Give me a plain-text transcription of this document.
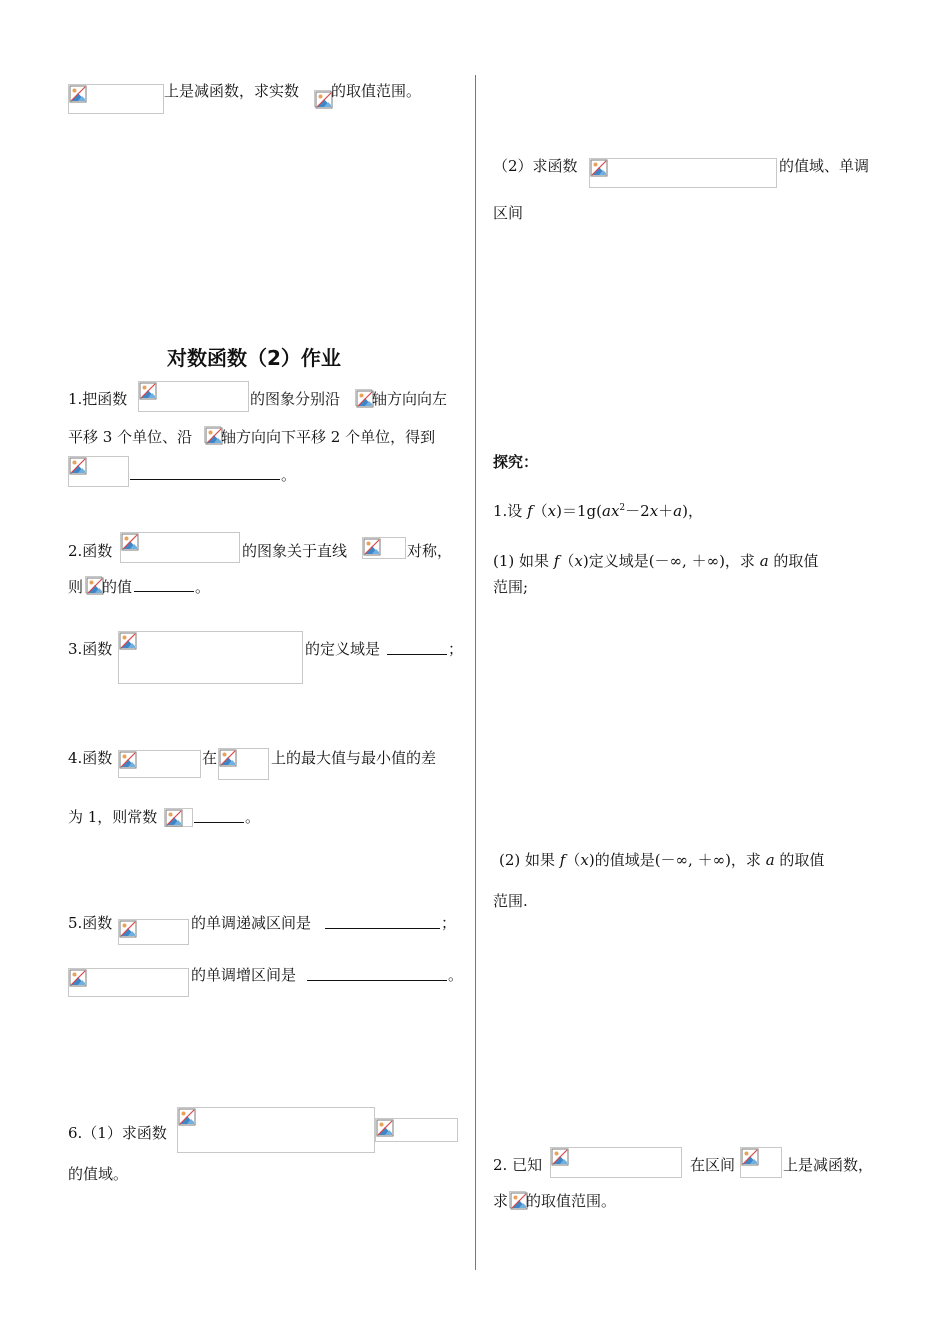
上是减函数，求实数 的取值范围。
对数函数（2）作业
1.把函数	的图象分别沿 轴方向向左
平移 3 个单位、沿 轴方向向下平移 2 个单位，得到
。
2.函数	的图象关于直线	对称，
则 的值	。
3.函数	的定义域是	；
4.函数	在	上的最大值与最小值的差
为 1，则常数	。
5.函数	的单调递减区间是	；
的单调增区间是	。
6.（1）求函数
的值域。
（2）求函数	的值域、单调
区间
探究：
1.设 $f(x)=1g(ax^2-2x+a)$，
(1) 如果 f（x)定义域是(－∞, ＋∞)，求 a 的取值
范围;
(2) 如果 f（x)的值域是(－∞, ＋∞)，求 a 的取值
范围.
2. 已知	在区间	上是减函数，
求 的取值范围。
